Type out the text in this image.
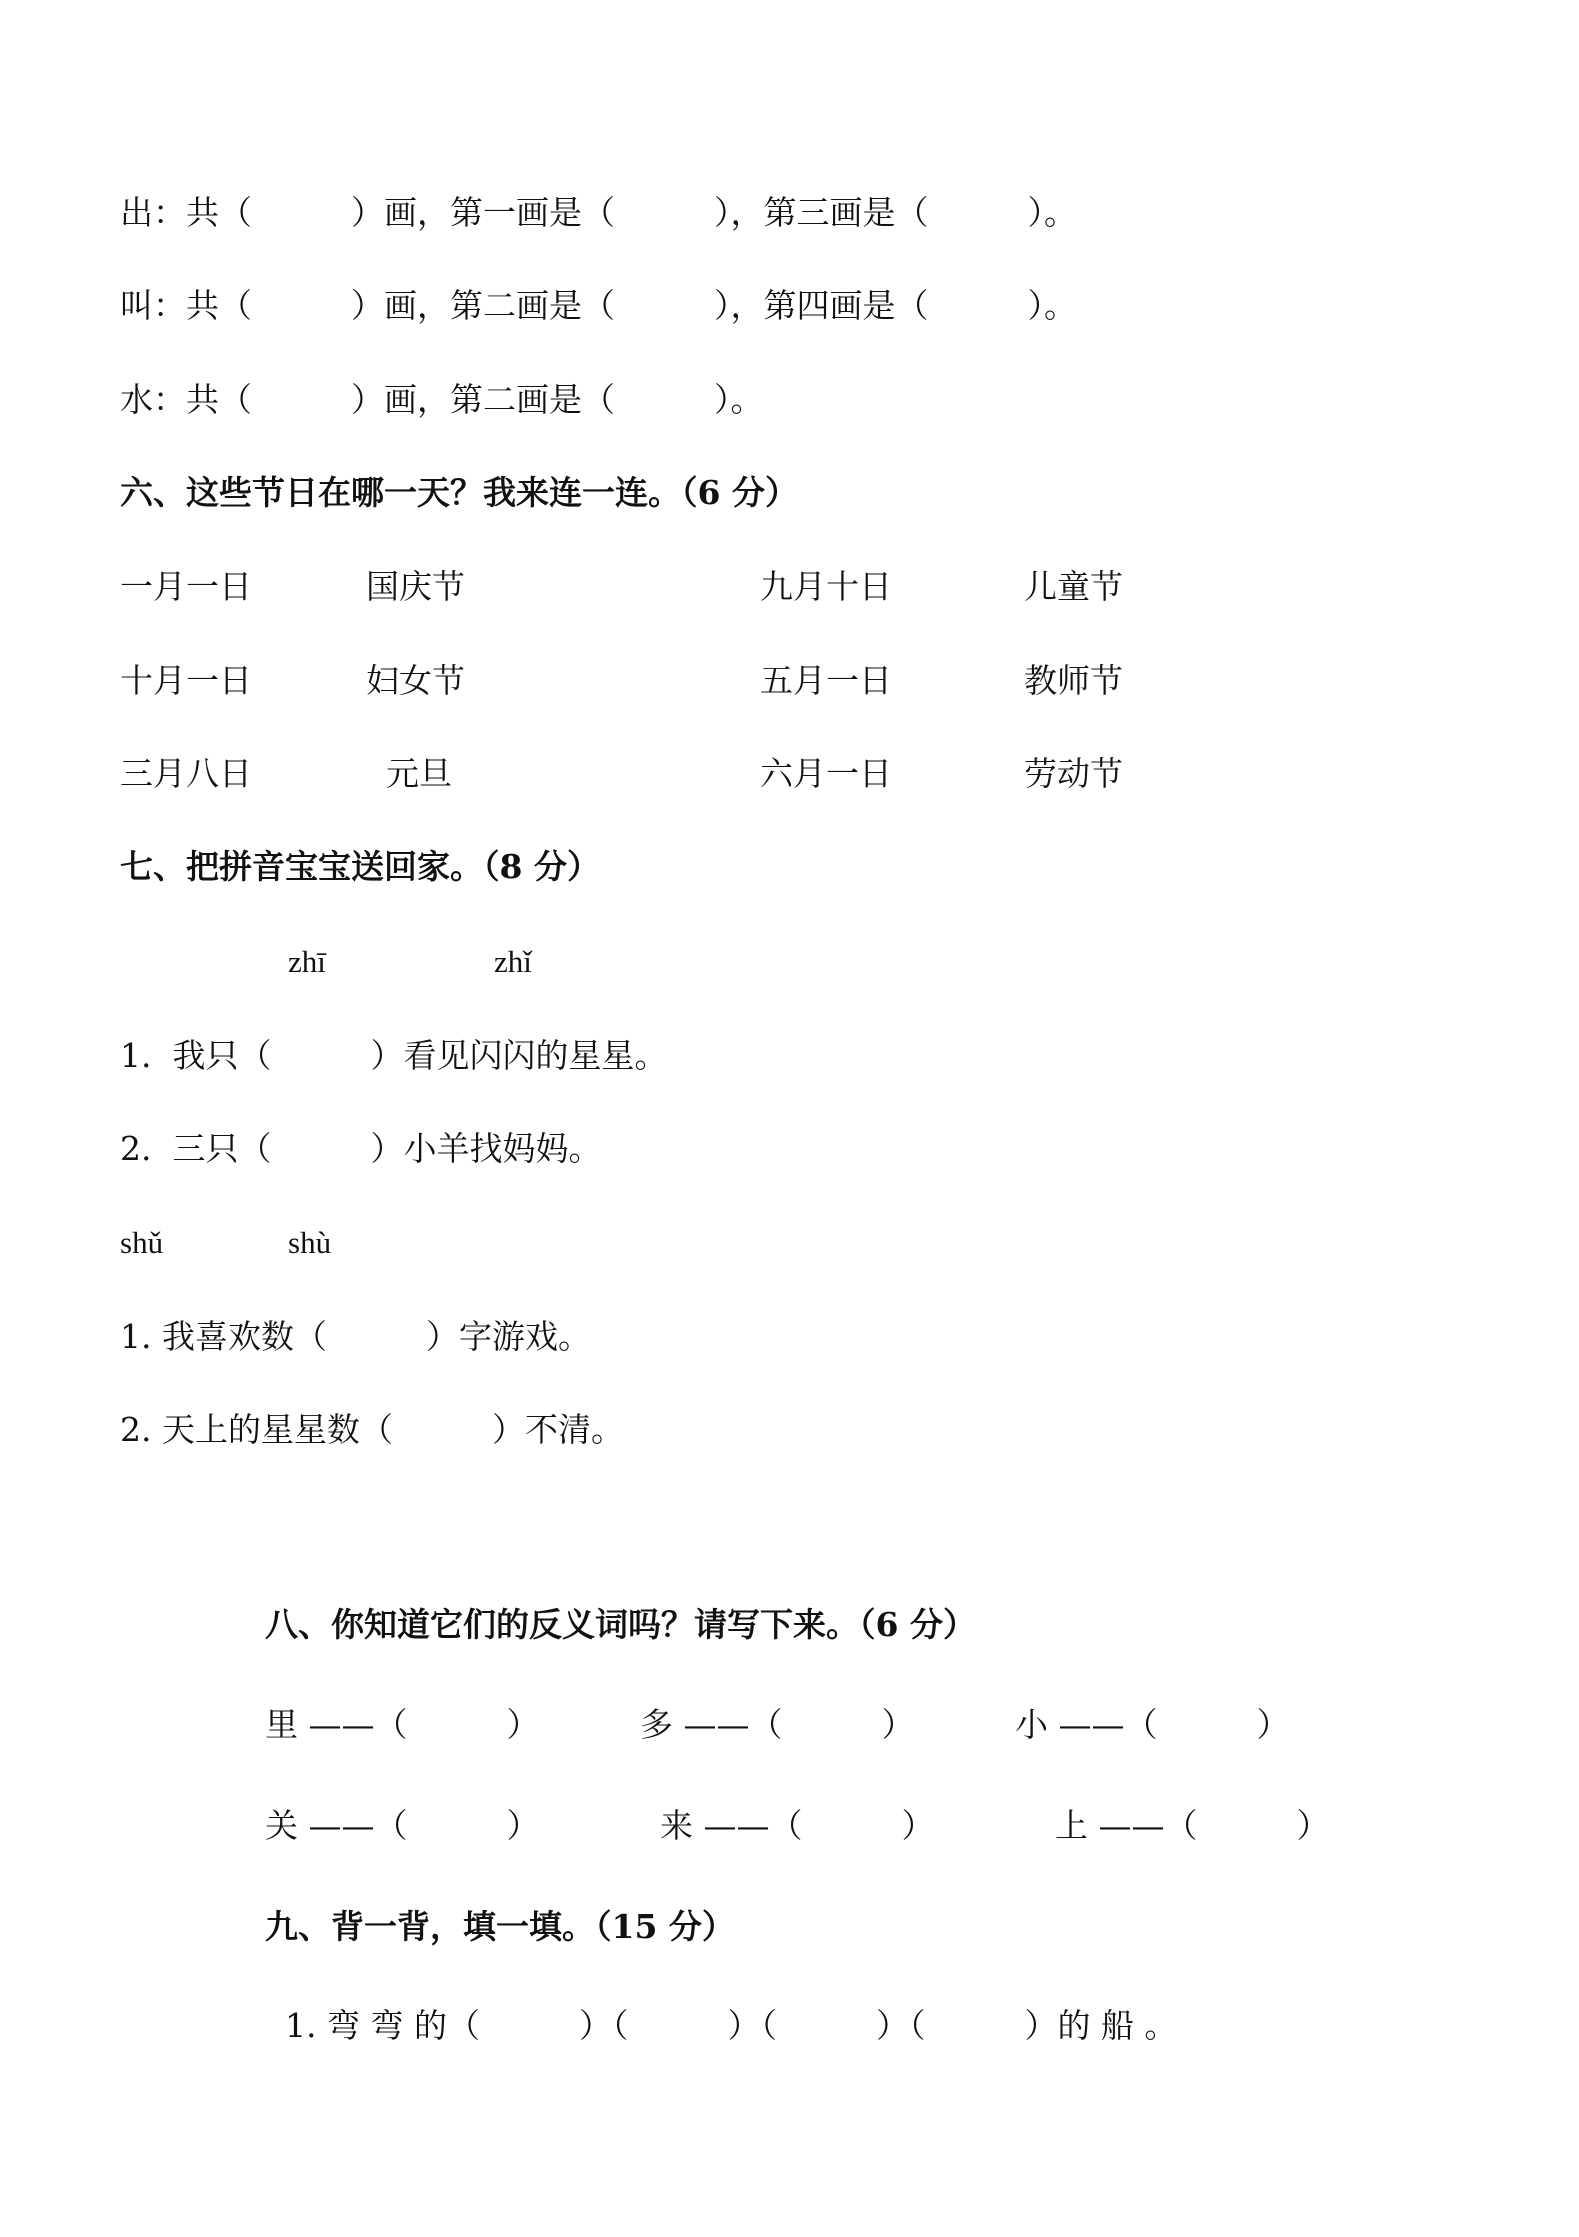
出：共（　　　）画，第一画是（　　　），第三画是（　　　）。
叫：共（　　　）画，第二画是（　　　），第四画是（　　　）。
水：共（　　　）画，第二画是（　　　）。
六、这些节日在哪一天？我来连一连。（6 分）
一月一日	国庆节	九月十日	儿童节
十月一日	妇女节	五月一日	教师节
三月八日	元旦	六月一日	劳动节
七、把拼音宝宝送回家。（8 分）
zhī	zhǐ
1.  我只（　　　）看见闪闪的星星。
2.  三只（　　　）小羊找妈妈。
shǔ	shù
1. 我喜欢数（　　　）字游戏。
2. 天上的星星数（　　　）不清。
八、你知道它们的反义词吗？请写下来。（6 分）
里 ——（　　　）	多 ——（　　　）	小 ——（　　　）
关 ——（　　　）	来 ——（　　　）	上 ——（　　　）
九、背一背，填一填。（15 分）
1. 弯 弯 的（　　　）（　　　）（　　　）（　　　）的 船 。
